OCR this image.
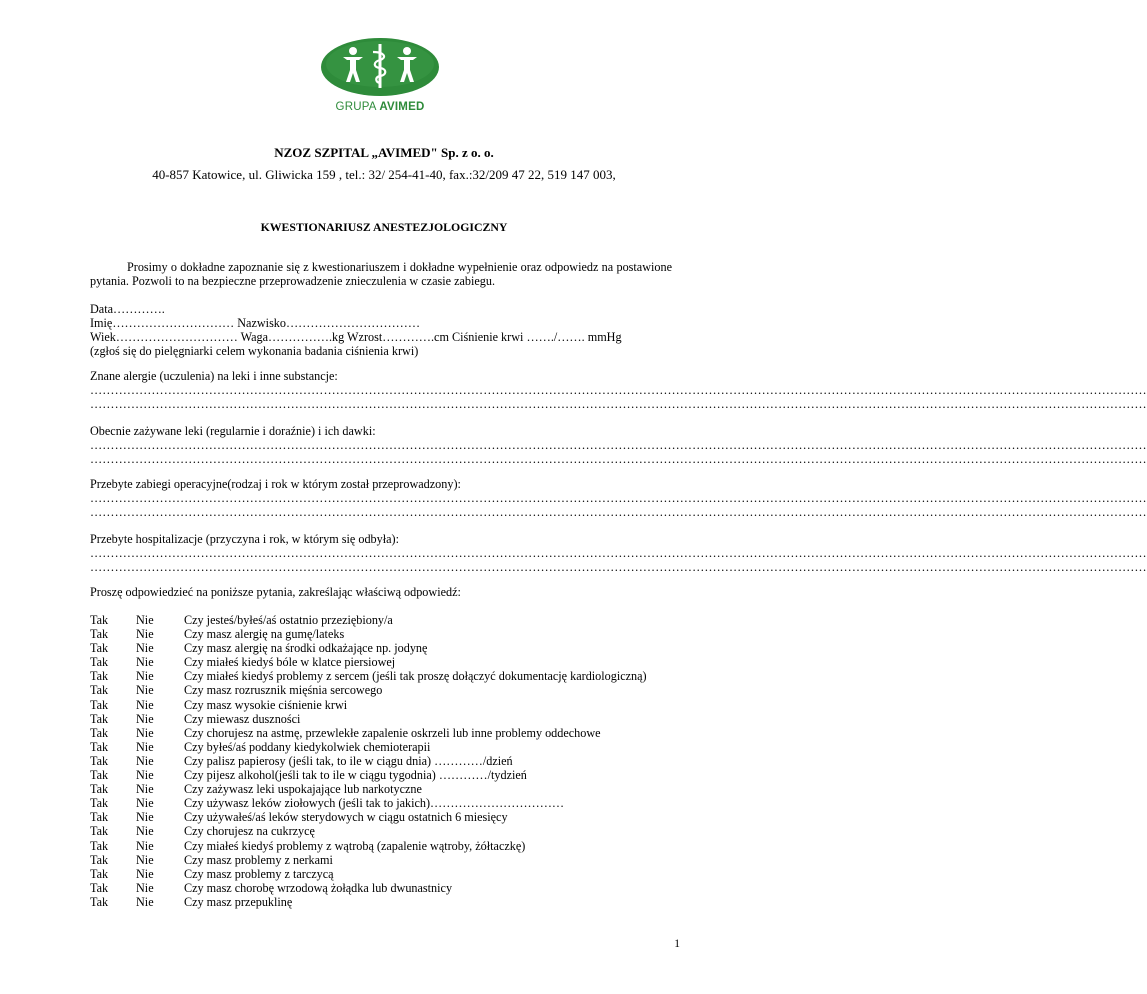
GRUPA AVIMED
NZOZ SZPITAL „AVIMED" Sp. z o. o.
40-857 Katowice, ul. Gliwicka 159 , tel.: 32/ 254-41-40, fax.:32/209 47 22, 519 147 003,
KWESTIONARIUSZ ANESTEZJOLOGICZNY
Prosimy o dokładne zapoznanie się z kwestionariuszem i dokładne wypełnienie oraz odpowiedz na postawione pytania. Pozwoli to na bezpieczne przeprowadzenie znieczulenia w czasie zabiegu.
Data………….
Imię………………………… Nazwisko……………………………
Wiek………………………… Waga…………….kg Wzrost………….cm Ciśnienie krwi ……./……. mmHg
(zgłoś się do pielęgniarki celem wykonania badania ciśnienia krwi)
Znane alergie (uczulenia) na leki i inne substancje:
……………………………………………………………………………………………………………………………………………………………………………………………………………………………………
……………………………………………………………………………………………………………………………………………………………………………………………………………………………………
Obecnie zażywane leki (regularnie i doraźnie) i ich dawki:
……………………………………………………………………………………………………………………………………………………………………………………………………………………………………
……………………………………………………………………………………………………………………………………………………………………………………………………………………………………
Przebyte zabiegi operacyjne(rodzaj i rok w którym został przeprowadzony):
……………………………………………………………………………………………………………………………………………………………………………………………………………………………………
……………………………………………………………………………………………………………………………………………………………………………………………………………………………………
Przebyte hospitalizacje (przyczyna i rok, w którym się odbyła):
……………………………………………………………………………………………………………………………………………………………………………………………………………………………………
……………………………………………………………………………………………………………………………………………………………………………………………………………………………………
Proszę odpowiedzieć na poniższe pytania, zakreślając właściwą odpowiedź:
Tak Nie Czy jesteś/byłeś/aś ostatnio przeziębiony/a
Tak Nie Czy masz alergię na gumę/lateks
Tak Nie Czy masz alergię na środki odkażające np. jodynę
Tak Nie Czy miałeś kiedyś bóle w klatce piersiowej
Tak Nie Czy miałeś kiedyś problemy z sercem (jeśli tak proszę dołączyć dokumentację kardiologiczną)
Tak Nie Czy masz rozrusznik mięśnia sercowego
Tak Nie Czy masz wysokie ciśnienie krwi
Tak Nie Czy miewasz duszności
Tak Nie Czy chorujesz na astmę, przewlekłe zapalenie oskrzeli lub inne problemy oddechowe
Tak Nie Czy byłeś/aś poddany kiedykolwiek chemioterapii
Tak Nie Czy palisz papierosy (jeśli tak, to ile w ciągu dnia) …………/dzień
Tak Nie Czy pijesz alkohol(jeśli tak to ile w ciągu tygodnia) …………/tydzień
Tak Nie Czy zażywasz leki uspokajające lub narkotyczne
Tak Nie Czy używasz leków ziołowych (jeśli tak to jakich)……………………………
Tak Nie Czy używałeś/aś leków sterydowych w ciągu ostatnich 6 miesięcy
Tak Nie Czy chorujesz na cukrzycę
Tak Nie Czy miałeś kiedyś problemy z wątrobą (zapalenie wątroby, żółtaczkę)
Tak Nie Czy masz problemy z nerkami
Tak Nie Czy masz problemy z tarczycą
Tak Nie Czy masz chorobę wrzodową żołądka lub dwunastnicy
Tak Nie Czy masz przepuklinę
1
